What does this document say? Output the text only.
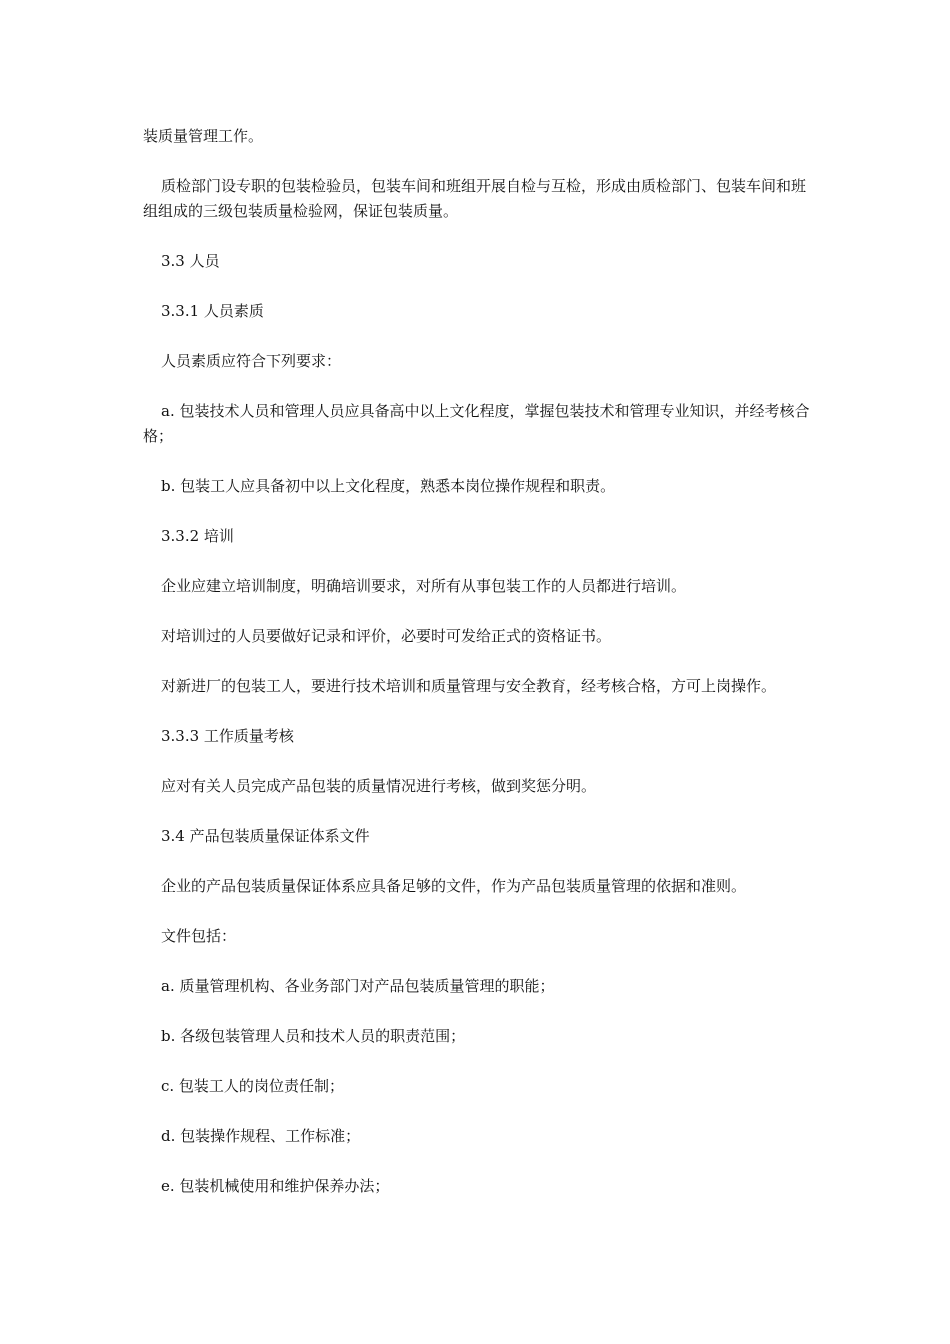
装质量管理工作。

质检部门设专职的包装检验员，包装车间和班组开展自检与互检，形成由质检部门、包装车间和班组组成的三级包装质量检验网，保证包装质量。

3.3 人员

3.3.1 人员素质

人员素质应符合下列要求：

a. 包装技术人员和管理人员应具备高中以上文化程度，掌握包装技术和管理专业知识，并经考核合格；

b. 包装工人应具备初中以上文化程度，熟悉本岗位操作规程和职责。

3.3.2 培训

企业应建立培训制度，明确培训要求，对所有从事包装工作的人员都进行培训。

对培训过的人员要做好记录和评价，必要时可发给正式的资格证书。

对新进厂的包装工人，要进行技术培训和质量管理与安全教育，经考核合格，方可上岗操作。

3.3.3 工作质量考核

应对有关人员完成产品包装的质量情况进行考核，做到奖惩分明。

3.4 产品包装质量保证体系文件

企业的产品包装质量保证体系应具备足够的文件，作为产品包装质量管理的依据和准则。

文件包括：

a. 质量管理机构、各业务部门对产品包装质量管理的职能；

b. 各级包装管理人员和技术人员的职责范围；

c. 包装工人的岗位责任制；

d. 包装操作规程、工作标准；

e. 包装机械使用和维护保养办法；
